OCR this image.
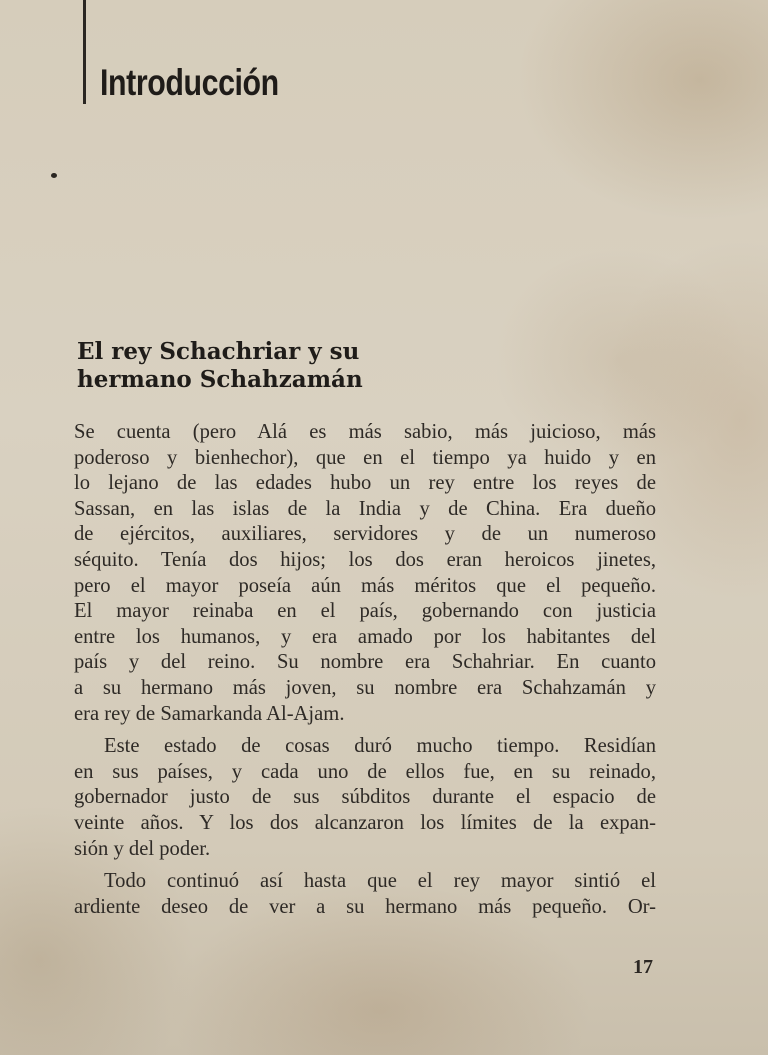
Introducción
El rey Schachriar y su
hermano Schahzamán

Se cuenta (pero Alá es más sabio, más juicioso, más
poderoso y bienhechor), que en el tiempo ya huido y en
lo lejano de las edades hubo un rey entre los reyes de
Sassan, en las islas de la India y de China. Era dueño
de ejércitos, auxiliares, servidores y de un numeroso
séquito. Tenía dos hijos; los dos eran heroicos jinetes,
pero el mayor poseía aún más méritos que el pequeño.
El mayor reinaba en el país, gobernando con justicia
entre los humanos, y era amado por los habitantes del
país y del reino. Su nombre era Schahriar. En cuanto
a su hermano más joven, su nombre era Schahzamán y
era rey de Samarkanda Al-Ajam.

Este estado de cosas duró mucho tiempo. Residían
en sus países, y cada uno de ellos fue, en su reinado,
gobernador justo de sus súbditos durante el espacio de
veinte años. Y los dos alcanzaron los límites de la expan-
sión y del poder.

Todo continuó así hasta que el rey mayor sintió el
ardiente deseo de ver a su hermano más pequeño. Or-

17
